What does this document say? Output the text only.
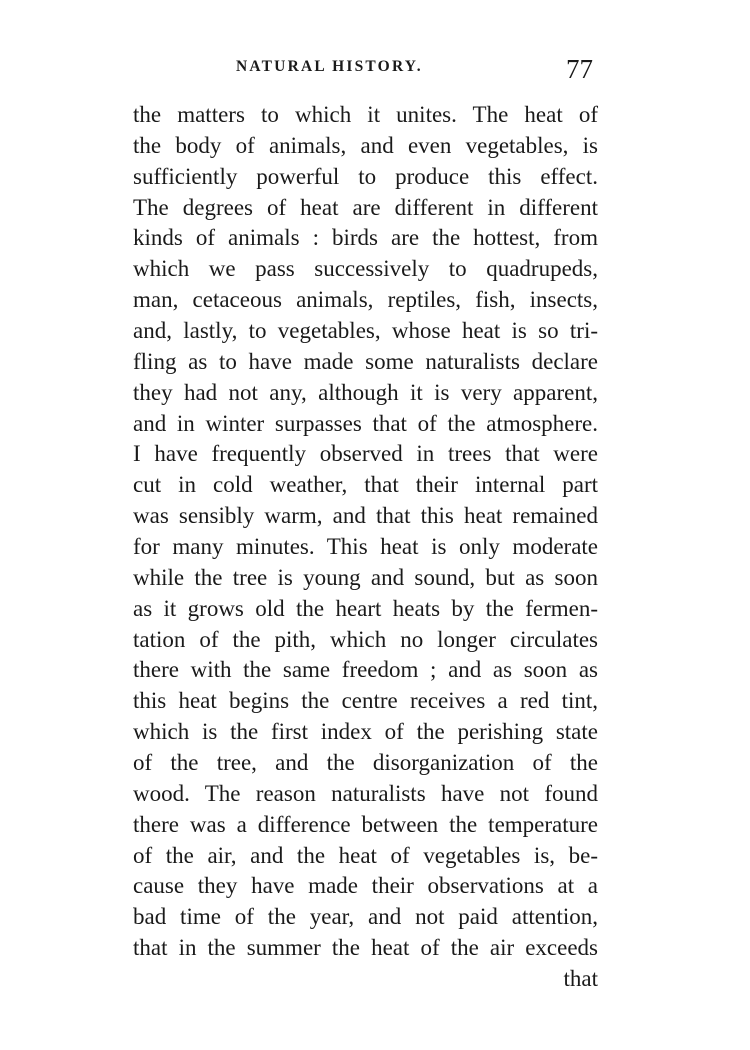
NATURAL HISTORY.	77
the matters to which it unites. The heat of
the body of animals, and even vegetables, is
sufficiently powerful to produce this effect.
The degrees of heat are different in different
kinds of animals : birds are the hottest, from
which we pass successively to quadrupeds,
man, cetaceous animals, reptiles, fish, insects,
and, lastly, to vegetables, whose heat is so tri-
fling as to have made some naturalists declare
they had not any, although it is very apparent,
and in winter surpasses that of the atmosphere.
I have frequently observed in trees that were
cut in cold weather, that their internal part
was sensibly warm, and that this heat remained
for many minutes. This heat is only moderate
while the tree is young and sound, but as soon
as it grows old the heart heats by the fermen-
tation of the pith, which no longer circulates
there with the same freedom ; and as soon as
this heat begins the centre receives a red tint,
which is the first index of the perishing state
of the tree, and the disorganization of the
wood. The reason naturalists have not found
there was a difference between the temperature
of the air, and the heat of vegetables is, be-
cause they have made their observations at a
bad time of the year, and not paid attention,
that in the summer the heat of the air exceeds
that
